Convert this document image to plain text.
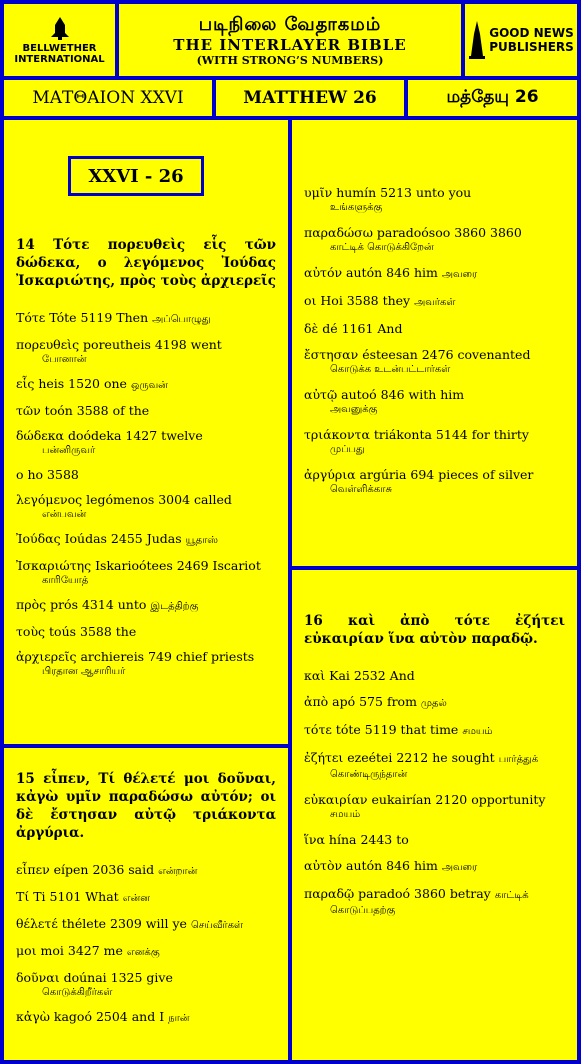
BELLWETHER
INTERNATIONAL
படிநிலை வேதாகமம்
THE INTERLAYER BIBLE
(WITH STRONG’S NUMBERS)
GOOD NEWS
PUBLISHERS
ΜΑΤΘΑΙΟΝ XXVI	MATTHEW 26	மத்தேயு 26
XXVI - 26
14 Τότε πορευθεὶς εἷς τῶν δώδεκα, ο λεγόμενος Ἰούδας Ἰσκαριώτης, πρὸς τοὺς ἀρχιερεῖς
Τότε Tóte 5119 Then அப்பொழுது
πορευθεὶς poreutheis 4198 went
போனான்
εἷς heis 1520 one ஒருவன்
τῶν toón 3588 of the
δώδεκα doódeka 1427 twelve
பன்னிருவர்
ο ho 3588
λεγόμενος legómenos 3004 called
என்பவன்
Ἰούδας Ioúdas 2455 Judas யூதாஸ்
Ἰσκαριώτης Iskarioótees 2469 Iscariot
காரியோத்
πρὸς prós 4314 unto இடத்திற்கு
τοὺς toús 3588 the
ἀρχιερεῖς archiereis 749 chief priests
பிரதான ஆசாரியர்
15 εἶπεν, Τί θέλετέ μοι δοῦναι, κἀγὼ υμῖν παραδώσω αὐτόν; οι δὲ ἔστησαν αὐτῷ τριάκοντα ἀργύρια.
εἶπεν eípen 2036 said என்றான்
Τί Ti 5101 What என்ன
θέλετέ thélete 2309 will ye செய்வீர்கள்
μοι moi 3427 me எனக்கு
δοῦναι doúnai 1325 give
கொடுக்கிறீர்கள்
κἀγὼ kagoó 2504 and I நான்
υμῖν humín 5213 unto you
உங்களுக்கு
παραδώσω paradoósoo 3860 3860
காட்டிக் கொடுக்கிறேன்
αὐτόν autón 846 him அவரை
οι Hoi 3588 they அவர்கள்
δὲ dé 1161 And
ἔστησαν ésteesan 2476 covenanted
கொடுக்க உடன்பட்டார்கள்
αὐτῷ autoó 846 with him
அவனுக்கு
τριάκοντα triákonta 5144 for thirty
முப்பது
ἀργύρια argúria 694 pieces of silver
வெள்ளிக்காசு
16 καὶ ἀπὸ τότε ἐζήτει εὐκαιρίαν ἵνα αὐτὸν παραδῷ.
καὶ Kai 2532 And
ἀπὸ apó 575 from முதல்
τότε tóte 5119 that time சமயம்
ἐζήτει ezeétei 2212 he sought பார்த்துக்
கொண்டிருந்தான்
εὐκαιρίαν eukairían 2120 opportunity
சமயம்
ἵνα hína 2443 to
αὐτὸν autón 846 him அவரை
παραδῷ paradoó 3860 betray காட்டிக்
கொடுப்பதற்கு
